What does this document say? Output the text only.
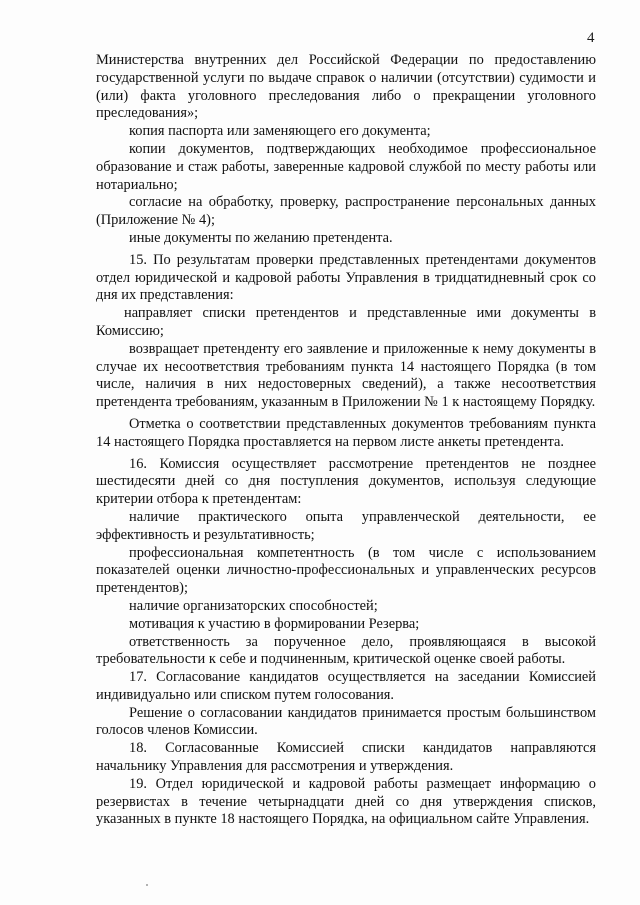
4

Министерства внутренних дел Российской Федерации по предоставлению государственной услуги по выдаче справок о наличии (отсутствии) судимости и (или) факта уголовного преследования либо о прекращении уголовного преследования»;

копия паспорта или заменяющего его документа;

копии документов, подтверждающих необходимое профессиональное образование и стаж работы, заверенные кадровой службой по месту работы или нотариально;

согласие на обработку, проверку, распространение персональных данных (Приложение № 4);

иные документы по желанию претендента.

15. По результатам проверки представленных претендентами документов отдел юридической и кадровой работы Управления в тридцатидневный срок со дня их представления:

направляет списки претендентов и представленные ими документы в Комиссию;

возвращает претенденту его заявление и приложенные к нему документы в случае их несоответствия требованиям пункта 14 настоящего Порядка (в том числе, наличия в них недостоверных сведений), а также несоответствия претендента требованиям, указанным в Приложении № 1 к настоящему Порядку.

Отметка о соответствии представленных документов требованиям пункта 14 настоящего Порядка проставляется на первом листе анкеты претендента.

16. Комиссия осуществляет рассмотрение претендентов не позднее шестидесяти дней со дня поступления документов, используя следующие критерии отбора к претендентам:

наличие практического опыта управленческой деятельности, ее эффективность и результативность;

профессиональная компетентность (в том числе с использованием показателей оценки личностно-профессиональных и управленческих ресурсов претендентов);

наличие организаторских способностей;

мотивация к участию в формировании Резерва;

ответственность за порученное дело, проявляющаяся в высокой требовательности к себе и подчиненным, критической оценке своей работы.

17. Согласование кандидатов осуществляется на заседании Комиссией индивидуально или списком путем голосования.

Решение о согласовании кандидатов принимается простым большинством голосов членов Комиссии.

18. Согласованные Комиссией списки кандидатов направляются начальнику Управления для рассмотрения и утверждения.

19. Отдел юридической и кадровой работы размещает информацию о резервистах в течение четырнадцати дней со дня утверждения списков, указанных в пункте 18 настоящего Порядка, на официальном сайте Управления.
